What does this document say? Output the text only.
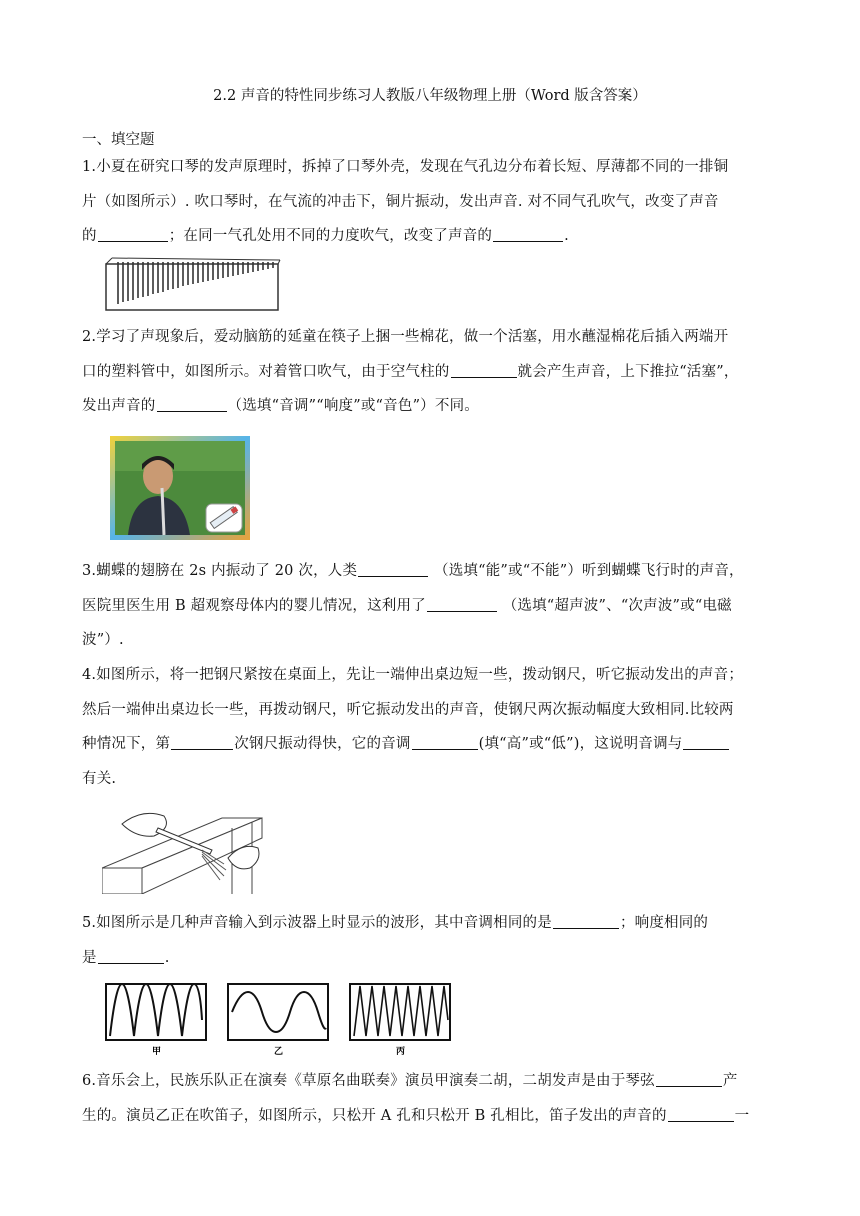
2.2 声音的特性同步练习人教版八年级物理上册（Word 版含答案）
一、填空题
1.小夏在研究口琴的发声原理时，拆掉了口琴外壳，发现在气孔边分布着长短、厚薄都不同的一排铜
片（如图所示）. 吹口琴时，在气流的冲击下，铜片振动，发出声音. 对不同气孔吹气，改变了声音
的	；在同一气孔处用不同的力度吹气，改变了声音的	.
2.学习了声现象后，爱动脑筋的延童在筷子上捆一些棉花，做一个活塞，用水蘸湿棉花后插入两端开
口的塑料管中，如图所示。对着管口吹气，由于空气柱的	就会产生声音，上下推拉“活塞”，
发出声音的	（选填“音调”“响度”或“音色”）不同。
3.蝴蝶的翅膀在 2s 内振动了 20 次，人类	（选填“能”或“不能”）听到蝴蝶飞行时的声音，
医院里医生用 B 超观察母体内的婴儿情况，这利用了	（选填“超声波”、“次声波”或“电磁
波”）.
4.如图所示，将一把钢尺紧按在桌面上，先让一端伸出桌边短一些，拨动钢尺，听它振动发出的声音；
然后一端伸出桌边长一些，再拨动钢尺，听它振动发出的声音，使钢尺两次振动幅度大致相同.比较两
种情况下，第	次钢尺振动得快，它的音调	(填“高”或“低”)，这说明音调与
有关.
5.如图所示是几种声音输入到示波器上时显示的波形，其中音调相同的是	；响度相同的
是	.
甲	乙	丙
6.音乐会上，民族乐队正在演奏《草原名曲联奏》演员甲演奏二胡，二胡发声是由于琴弦	产
生的。演员乙正在吹笛子，如图所示，只松开 A 孔和只松开 B 孔相比，笛子发出的声音的	一
